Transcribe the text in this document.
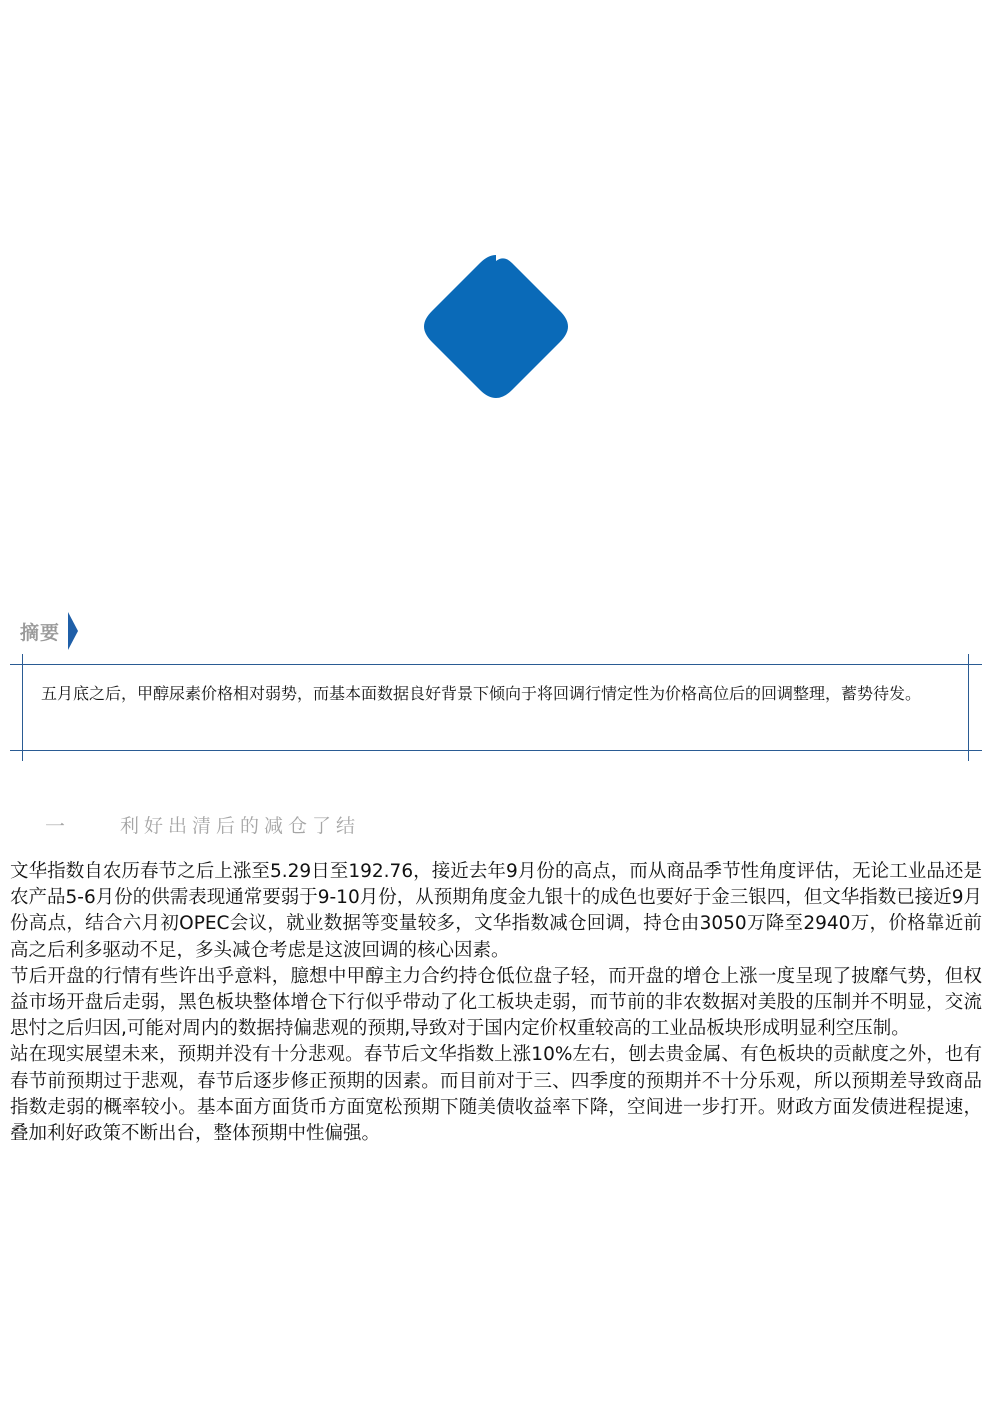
摘要
五月底之后，甲醇尿素价格相对弱势，而基本面数据良好背景下倾向于将回调行情定性为价格高位后的回调整理，蓄势待发。
一	利好出清后的减仓了结

文华指数自农历春节之后上涨至5.29日至192.76，接近去年9月份的高点，而从商品季节性角度评估，无论工业品还是农产品5-6月份的供需表现通常要弱于9-10月份，从预期角度金九银十的成色也要好于金三银四，但文华指数已接近9月份高点，结合六月初OPEC会议，就业数据等变量较多，文华指数减仓回调，持仓由3050万降至2940万，价格靠近前高之后利多驱动不足，多头减仓考虑是这波回调的核心因素。

节后开盘的行情有些许出乎意料，臆想中甲醇主力合约持仓低位盘子轻，而开盘的增仓上涨一度呈现了披靡气势，但权益市场开盘后走弱，黑色板块整体增仓下行似乎带动了化工板块走弱，而节前的非农数据对美股的压制并不明显，交流思忖之后归因,可能对周内的数据持偏悲观的预期,导致对于国内定价权重较高的工业品板块形成明显利空压制。

站在现实展望未来，预期并没有十分悲观。春节后文华指数上涨10%左右，刨去贵金属、有色板块的贡献度之外，也有春节前预期过于悲观，春节后逐步修正预期的因素。而目前对于三、四季度的预期并不十分乐观，所以预期差导致商品指数走弱的概率较小。基本面方面货币方面宽松预期下随美债收益率下降，空间进一步打开。财政方面发债进程提速，叠加利好政策不断出台，整体预期中性偏强。
